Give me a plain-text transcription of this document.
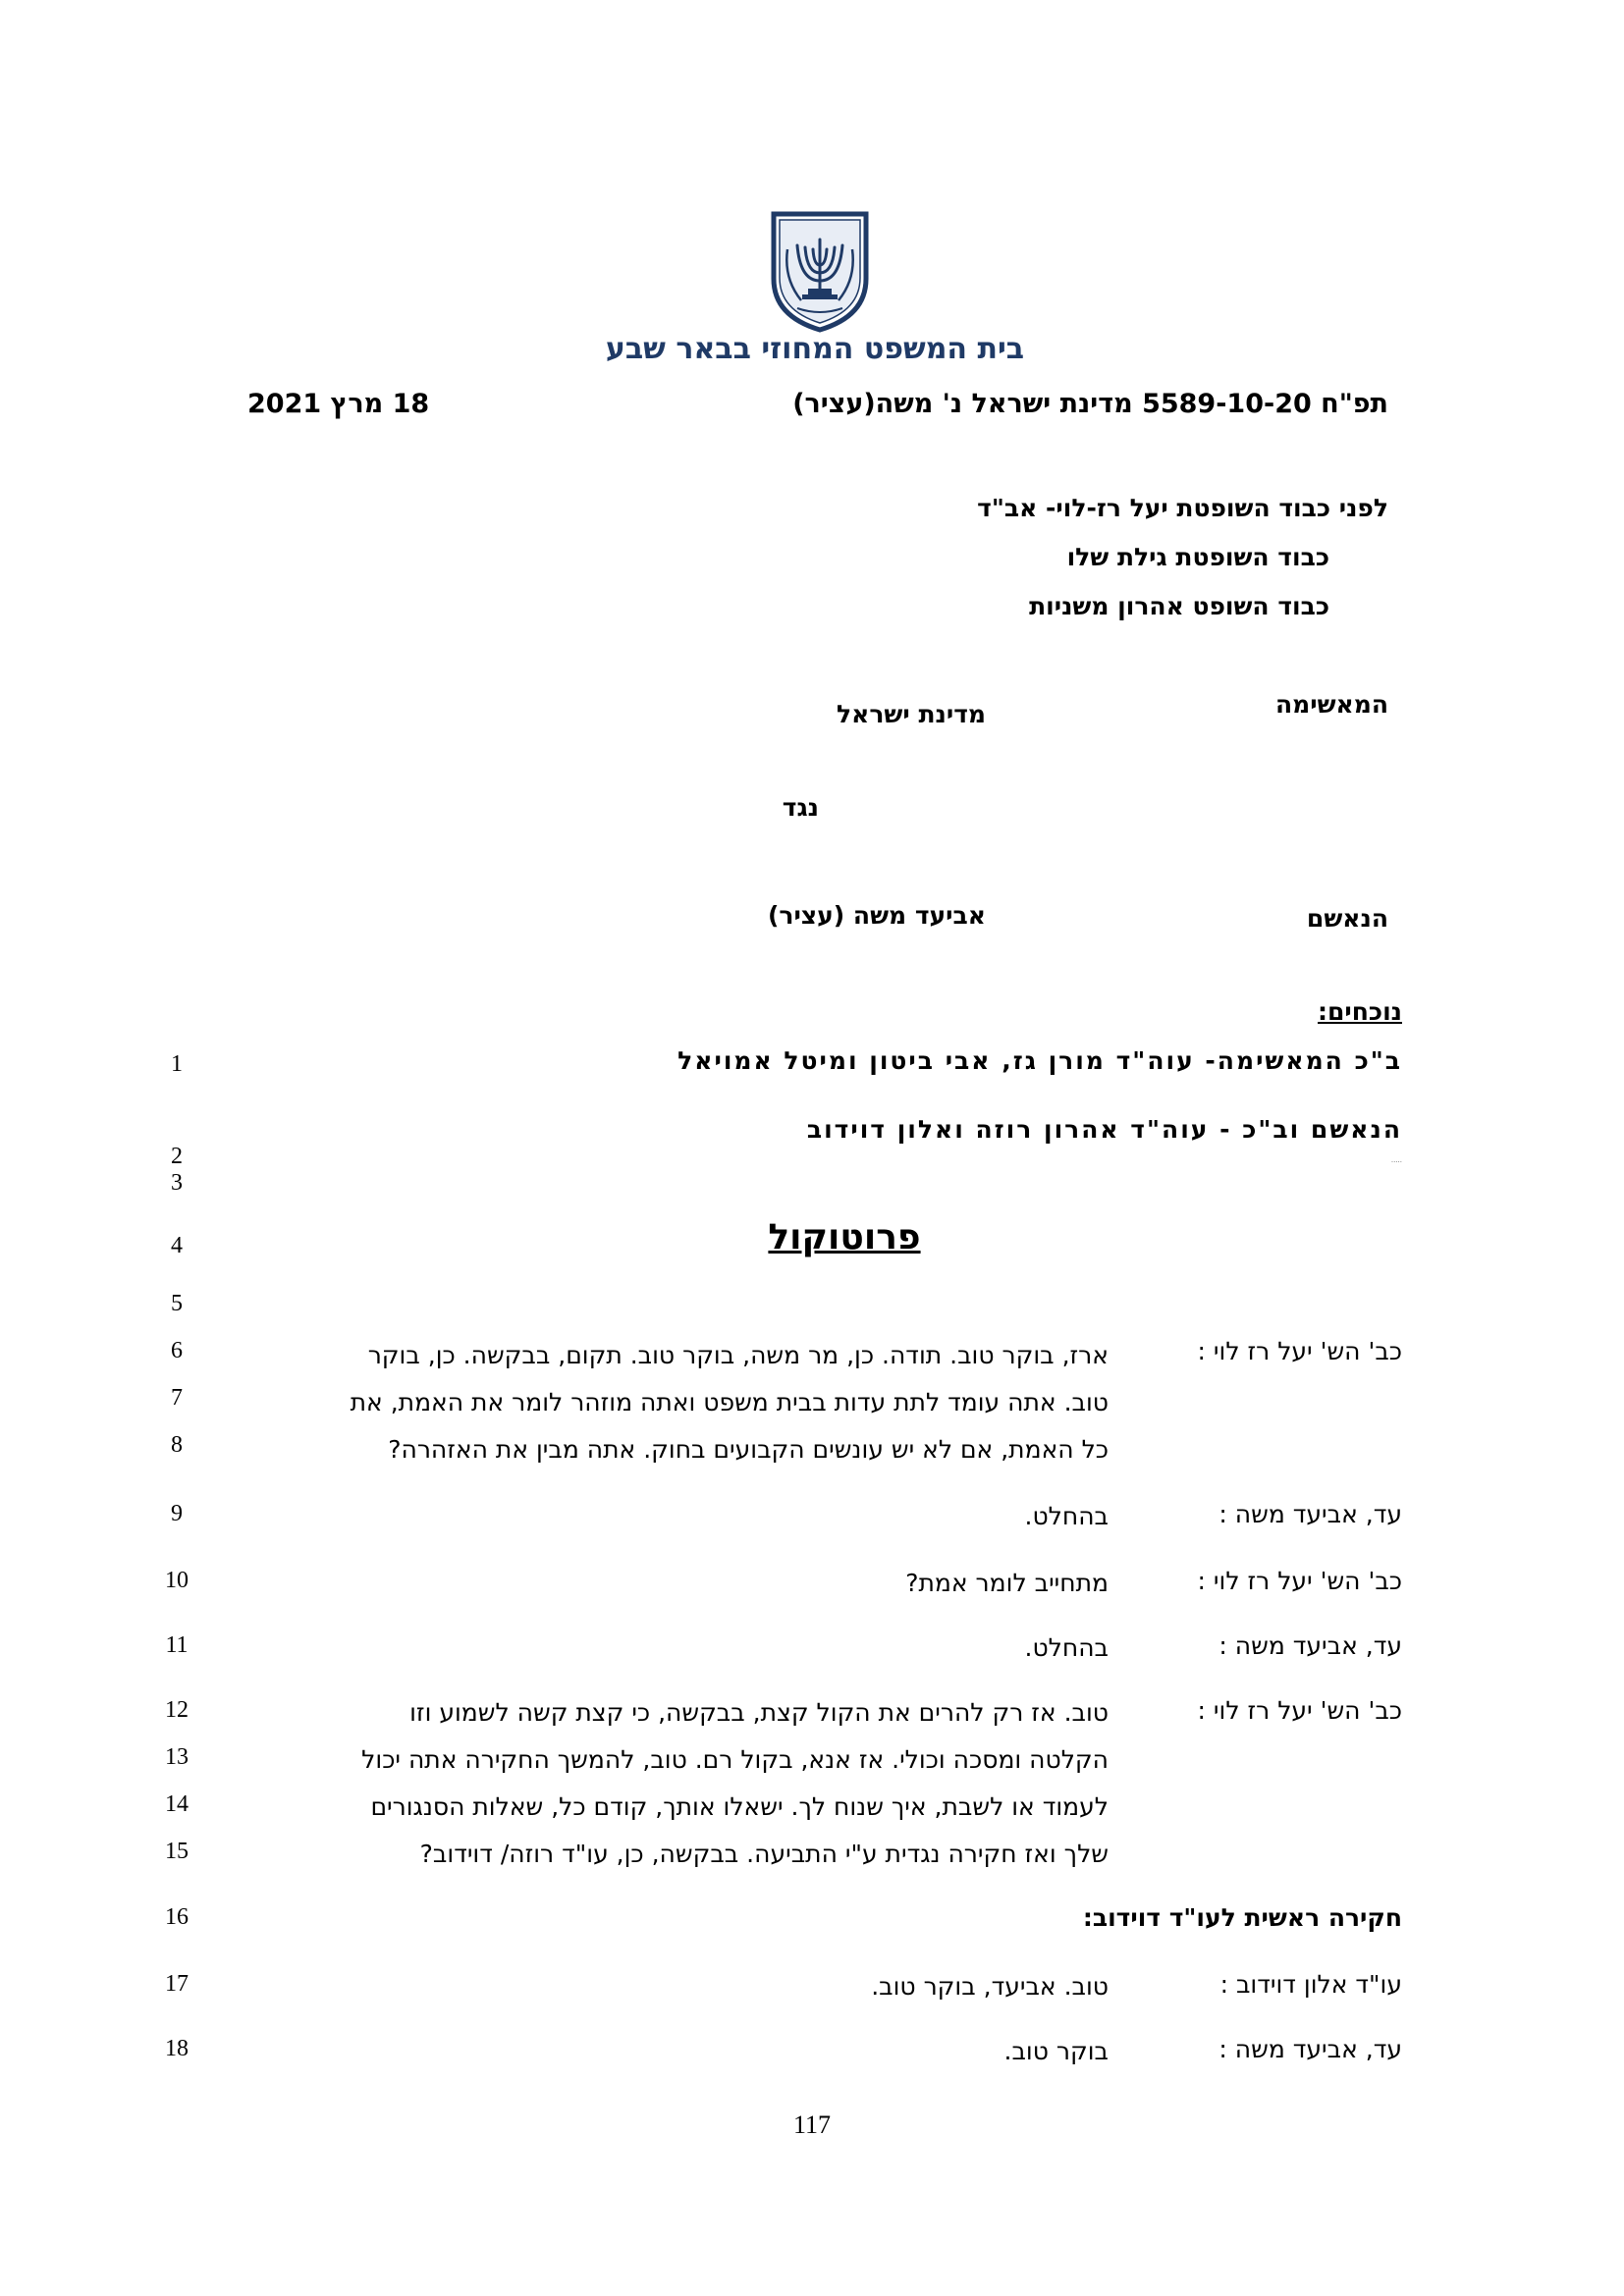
בית המשפט המחוזי בבאר שבע
תפ"ח 5589-10-20 מדינת ישראל נ' משה(עציר)
18 מרץ 2021
לפני כבוד השופטת יעל רז-לוי- אב"ד
כבוד השופטת גילת שלו
כבוד השופט אהרון משניות
המאשימה
מדינת ישראל
נגד
הנאשם
אביעד משה (עציר)
נוכחים:
ב"כ המאשימה- עוה"ד מורן גז, אבי ביטון ומיטל אמויאל
הנאשם וב"כ - עוה"ד אהרון רוזה ואלון דוידוב
·····
פרוטוקול
1
2
3
4
5
6
7
8
9
10
11
12
13
14
15
16
17
18
כב' הש' יעל רז לוי :
ארז, בוקר טוב. תודה. כן, מר משה, בוקר טוב. תקום, בבקשה. כן, בוקר
טוב. אתה עומד לתת עדות בבית משפט ואתה מוזהר לומר את האמת, את
כל האמת, אם לא יש עונשים הקבועים בחוק. אתה מבין את האזהרה?
עד, אביעד משה :
בהחלט.
כב' הש' יעל רז לוי :
מתחייב לומר אמת?
עד, אביעד משה :
בהחלט.
כב' הש' יעל רז לוי :
טוב. אז רק להרים את הקול קצת, בבקשה, כי קצת קשה לשמוע וזו
הקלטה ומסכה וכולי. אז אנא, בקול רם. טוב, להמשך החקירה אתה יכול
לעמוד או לשבת, איך שנוח לך. ישאלו אותך, קודם כל, שאלות הסנגורים
שלך ואז חקירה נגדית ע"י התביעה. בבקשה, כן, עו"ד רוזה/ דוידוב?
חקירה ראשית לעו"ד דוידוב:
עו"ד אלון דוידוב :
טוב. אביעד, בוקר טוב.
עד, אביעד משה :
בוקר טוב.
117
